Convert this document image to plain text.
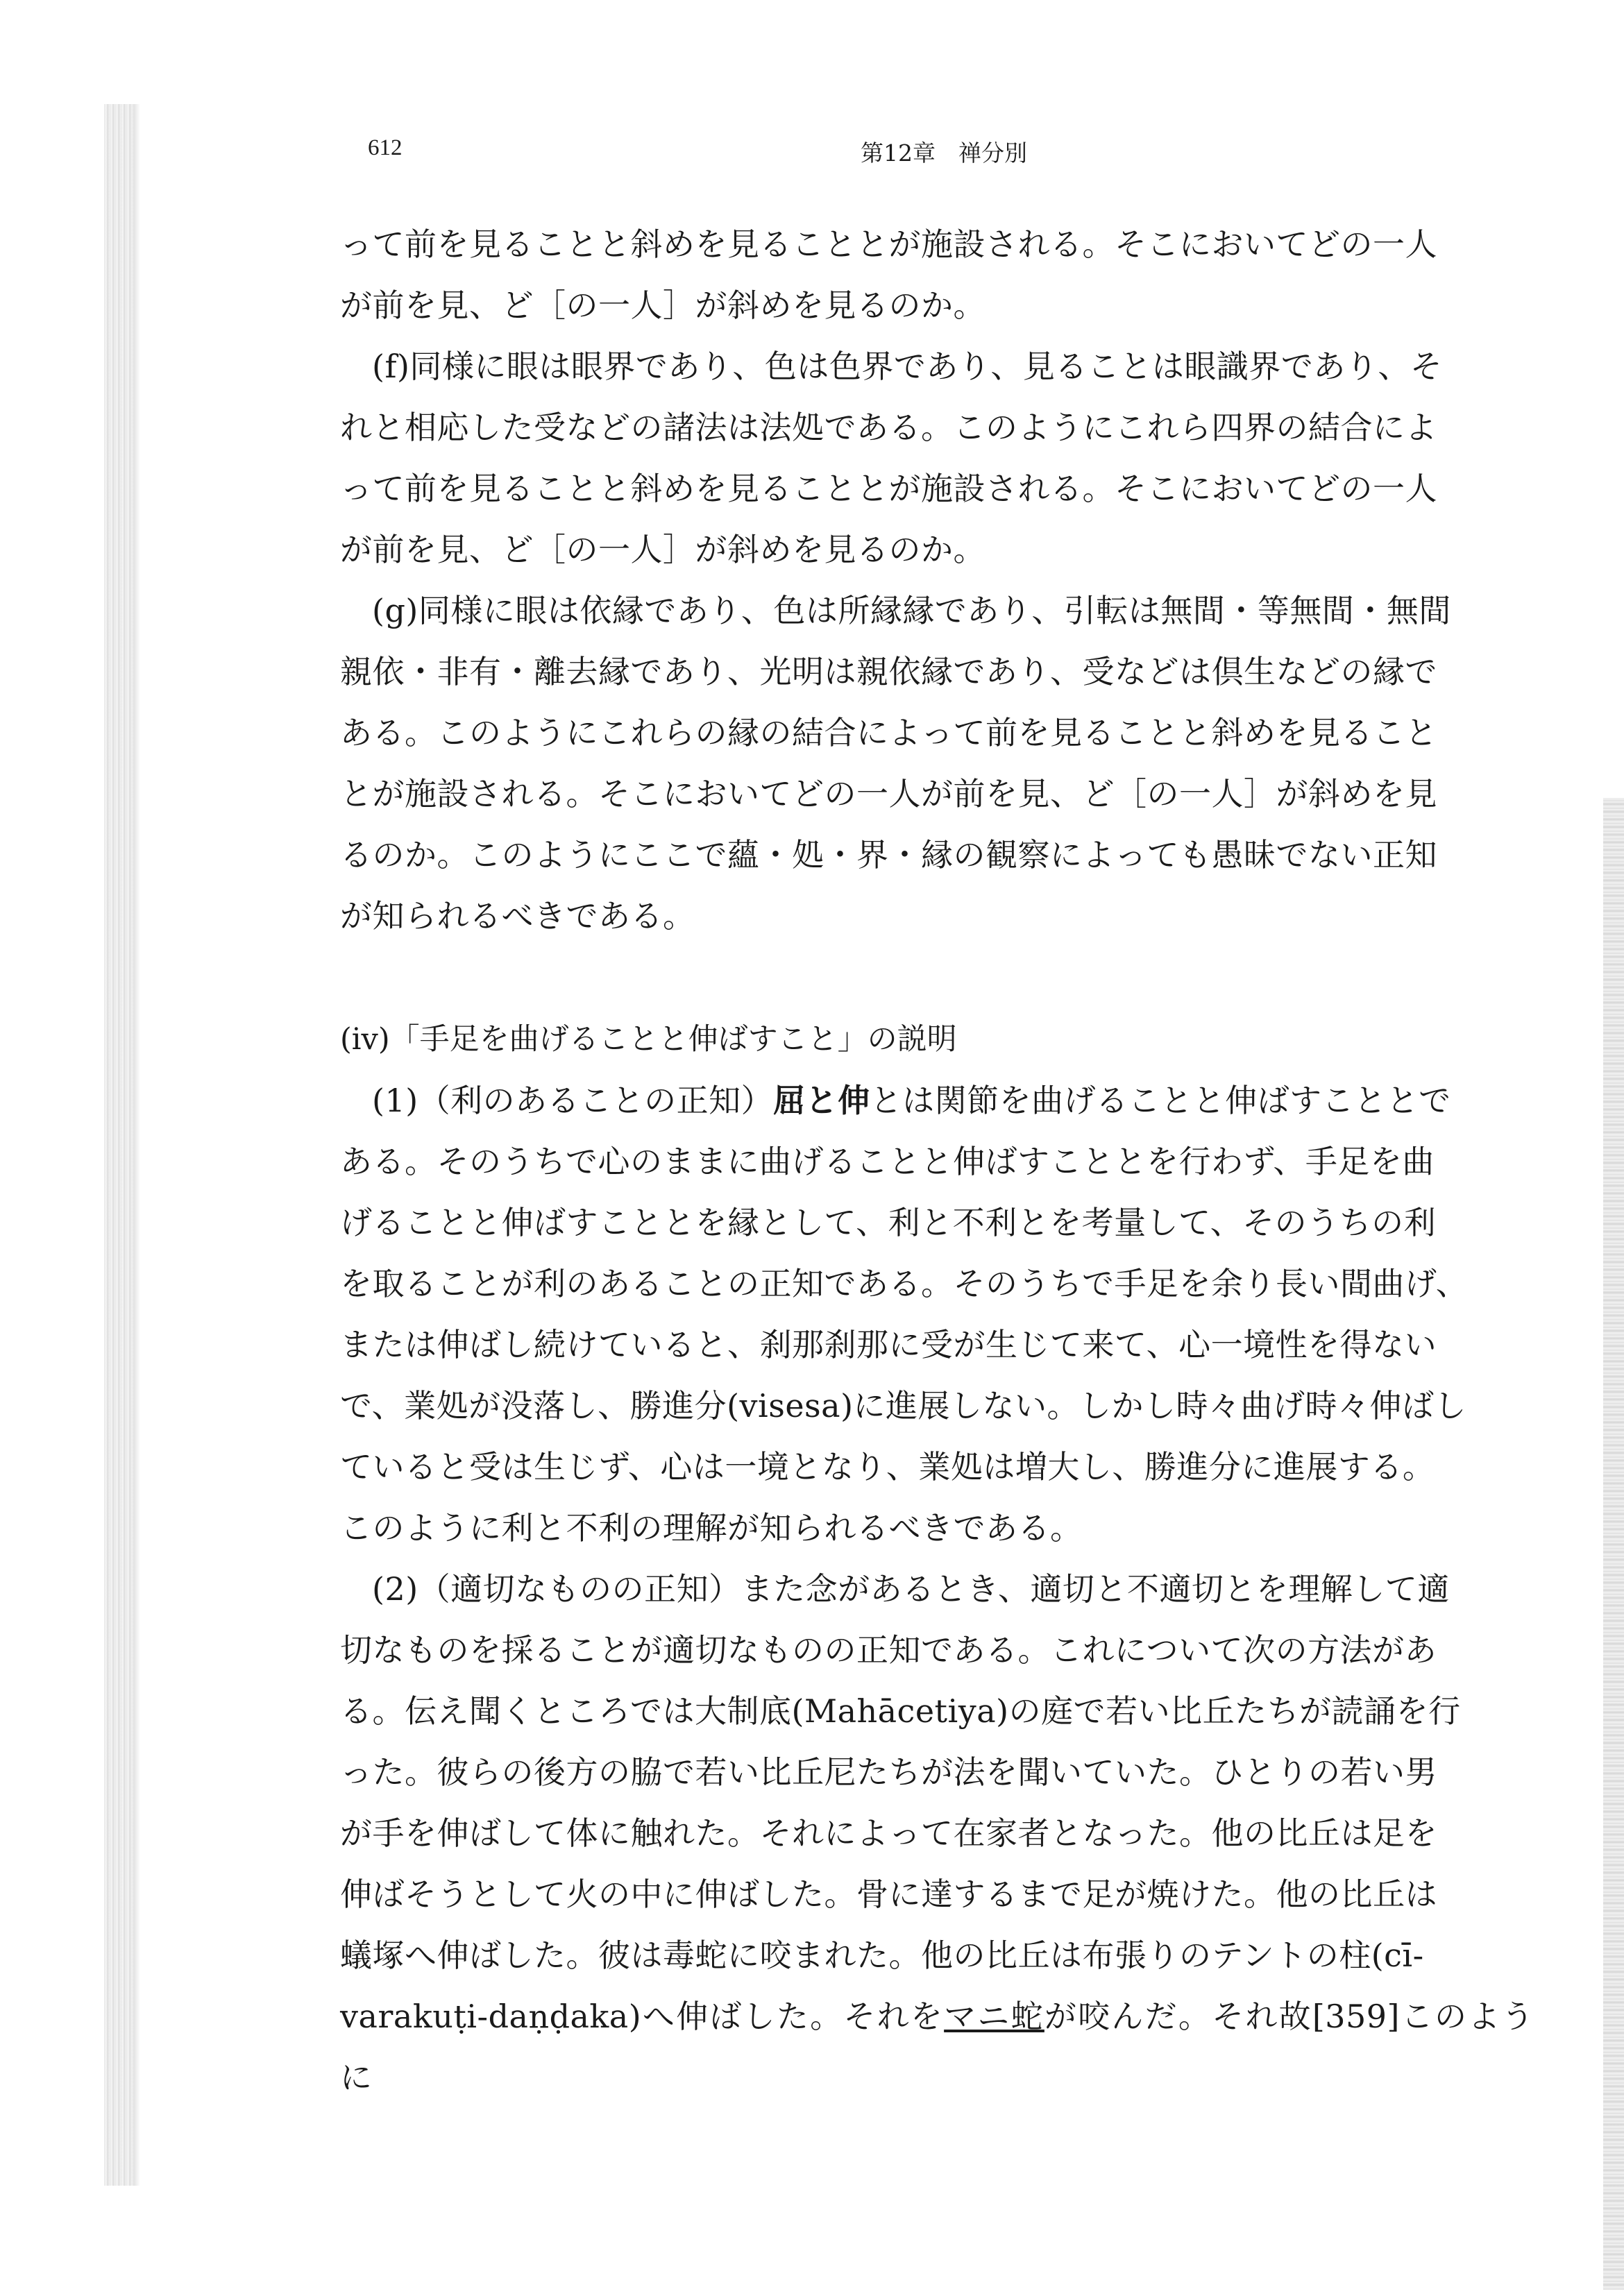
612	第12章　禅分別

って前を見ることと斜めを見ることとが施設される。そこにおいてどの一人
が前を見、ど［の一人］が斜めを見るのか。

(f)同様に眼は眼界であり、色は色界であり、見ることは眼識界であり、そ
れと相応した受などの諸法は法処である。このようにこれら四界の結合によ
って前を見ることと斜めを見ることとが施設される。そこにおいてどの一人
が前を見、ど［の一人］が斜めを見るのか。

(g)同様に眼は依縁であり、色は所縁縁であり、引転は無間・等無間・無間
親依・非有・離去縁であり、光明は親依縁であり、受などは倶生などの縁で
ある。このようにこれらの縁の結合によって前を見ることと斜めを見ること
とが施設される。そこにおいてどの一人が前を見、ど［の一人］が斜めを見
るのか。このようにここで蘊・処・界・縁の観察によっても愚昧でない正知
が知られるべきである。

(iv)「手足を曲げることと伸ばすこと」の説明

(1)（利のあることの正知）屈と伸とは関節を曲げることと伸ばすこととで
ある。そのうちで心のままに曲げることと伸ばすこととを行わず、手足を曲
げることと伸ばすこととを縁として、利と不利とを考量して、そのうちの利
を取ることが利のあることの正知である。そのうちで手足を余り長い間曲げ、
または伸ばし続けていると、刹那刹那に受が生じて来て、心一境性を得ない
で、業処が没落し、勝進分(visesa)に進展しない。しかし時々曲げ時々伸ばし
ていると受は生じず、心は一境となり、業処は増大し、勝進分に進展する。
このように利と不利の理解が知られるべきである。

(2)（適切なものの正知）また念があるとき、適切と不適切とを理解して適
切なものを採ることが適切なものの正知である。これについて次の方法があ
る。伝え聞くところでは大制底(Mahācetiya)の庭で若い比丘たちが読誦を行
った。彼らの後方の脇で若い比丘尼たちが法を聞いていた。ひとりの若い男
が手を伸ばして体に触れた。それによって在家者となった。他の比丘は足を
伸ばそうとして火の中に伸ばした。骨に達するまで足が焼けた。他の比丘は
蟻塚へ伸ばした。彼は毒蛇に咬まれた。他の比丘は布張りのテントの柱(cī-
varakuṭi-daṇḍaka)へ伸ばした。それをマニ蛇が咬んだ。それ故[359]このように
